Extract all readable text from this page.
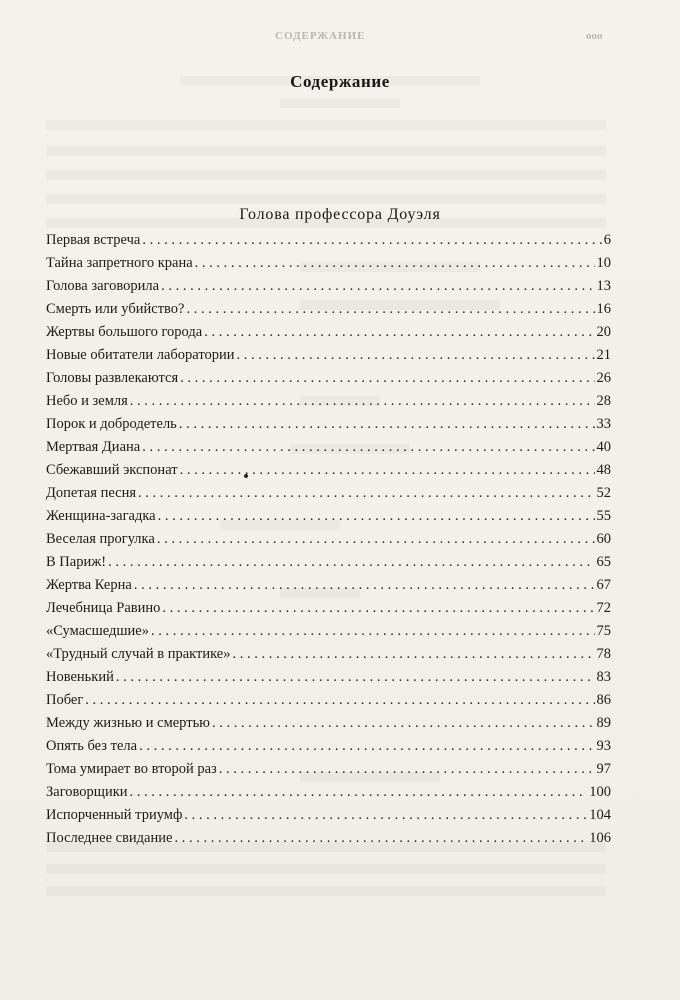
СОДЕРЖАНИЕ	ooo
Содержание
Голова профессора Доуэля
Первая встреча . . .	6
Тайна запретного крана . . .	10
Голова заговорила . . .	13
Смерть или убийство? . . .	16
Жертвы большого города . . .	20
Новые обитатели лаборатории . . .	21
Головы развлекаются . . .	26
Небо и земля . . .	28
Порок и добродетель . . .	33
Мертвая Диана . . .	40
Сбежавший экспонат . . .	48
Допетая песня . . .	52
Женщина-загадка . . .	55
Веселая прогулка . . .	60
В Париж! . . .	65
Жертва Керна . . .	67
Лечебница Равино . . .	72
«Сумасшедшие» . . .	75
«Трудный случай в практике» . . .	78
Новенький . . .	83
Побег . . .	86
Между жизнью и смертью . . .	89
Опять без тела . . .	93
Тома умирает во второй раз . . .	97
Заговорщики . . .	100
Испорченный триумф . . .	104
Последнее свидание . . .	106
